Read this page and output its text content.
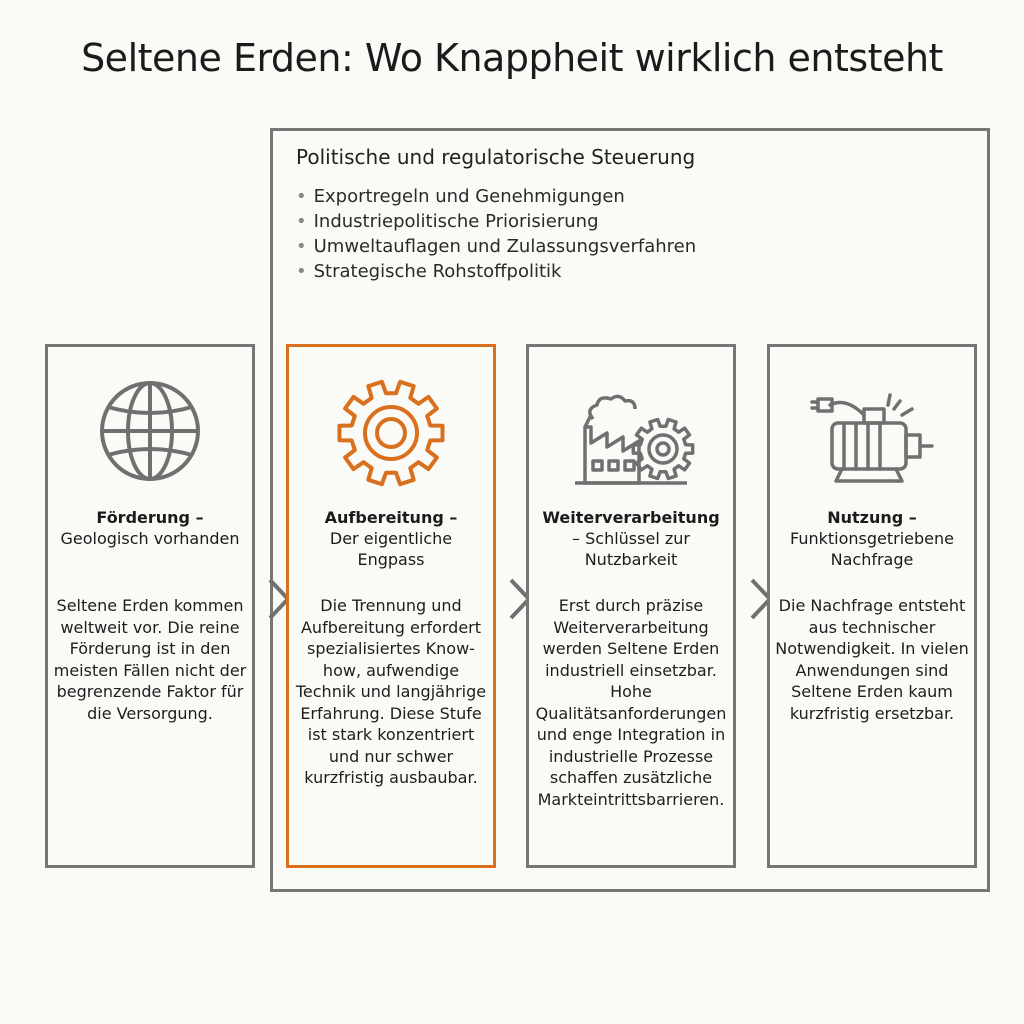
Seltene Erden: Wo Knappheit wirklich entsteht
Politische und regulatorische Steuerung
• Exportregeln und Genehmigungen
• Industriepolitische Priorisierung
• Umweltauflagen und Zulassungsverfahren
• Strategische Rohstoffpolitik
Förderung –
Geologisch vorhanden
Seltene Erden kommen weltweit vor. Die reine Förderung ist in den meisten Fällen nicht der begrenzende Faktor für die Versorgung.
Aufbereitung –
Der eigentliche Engpass
Die Trennung und Aufbereitung erfordert spezialisiertes Know-how, aufwendige Technik und langjährige Erfahrung. Diese Stufe ist stark konzentriert und nur schwer kurzfristig ausbaubar.
Weiterverarbeitung
– Schlüssel zur Nutzbarkeit
Erst durch präzise Weiterverarbeitung werden Seltene Erden industriell einsetzbar. Hohe Qualitätsanforderungen und enge Integration in industrielle Prozesse schaffen zusätzliche Markteintrittsbarrieren.
Nutzung –
Funktionsgetriebene Nachfrage
Die Nachfrage entsteht aus technischer Notwendigkeit. In vielen Anwendungen sind Seltene Erden kaum kurzfristig ersetzbar.
